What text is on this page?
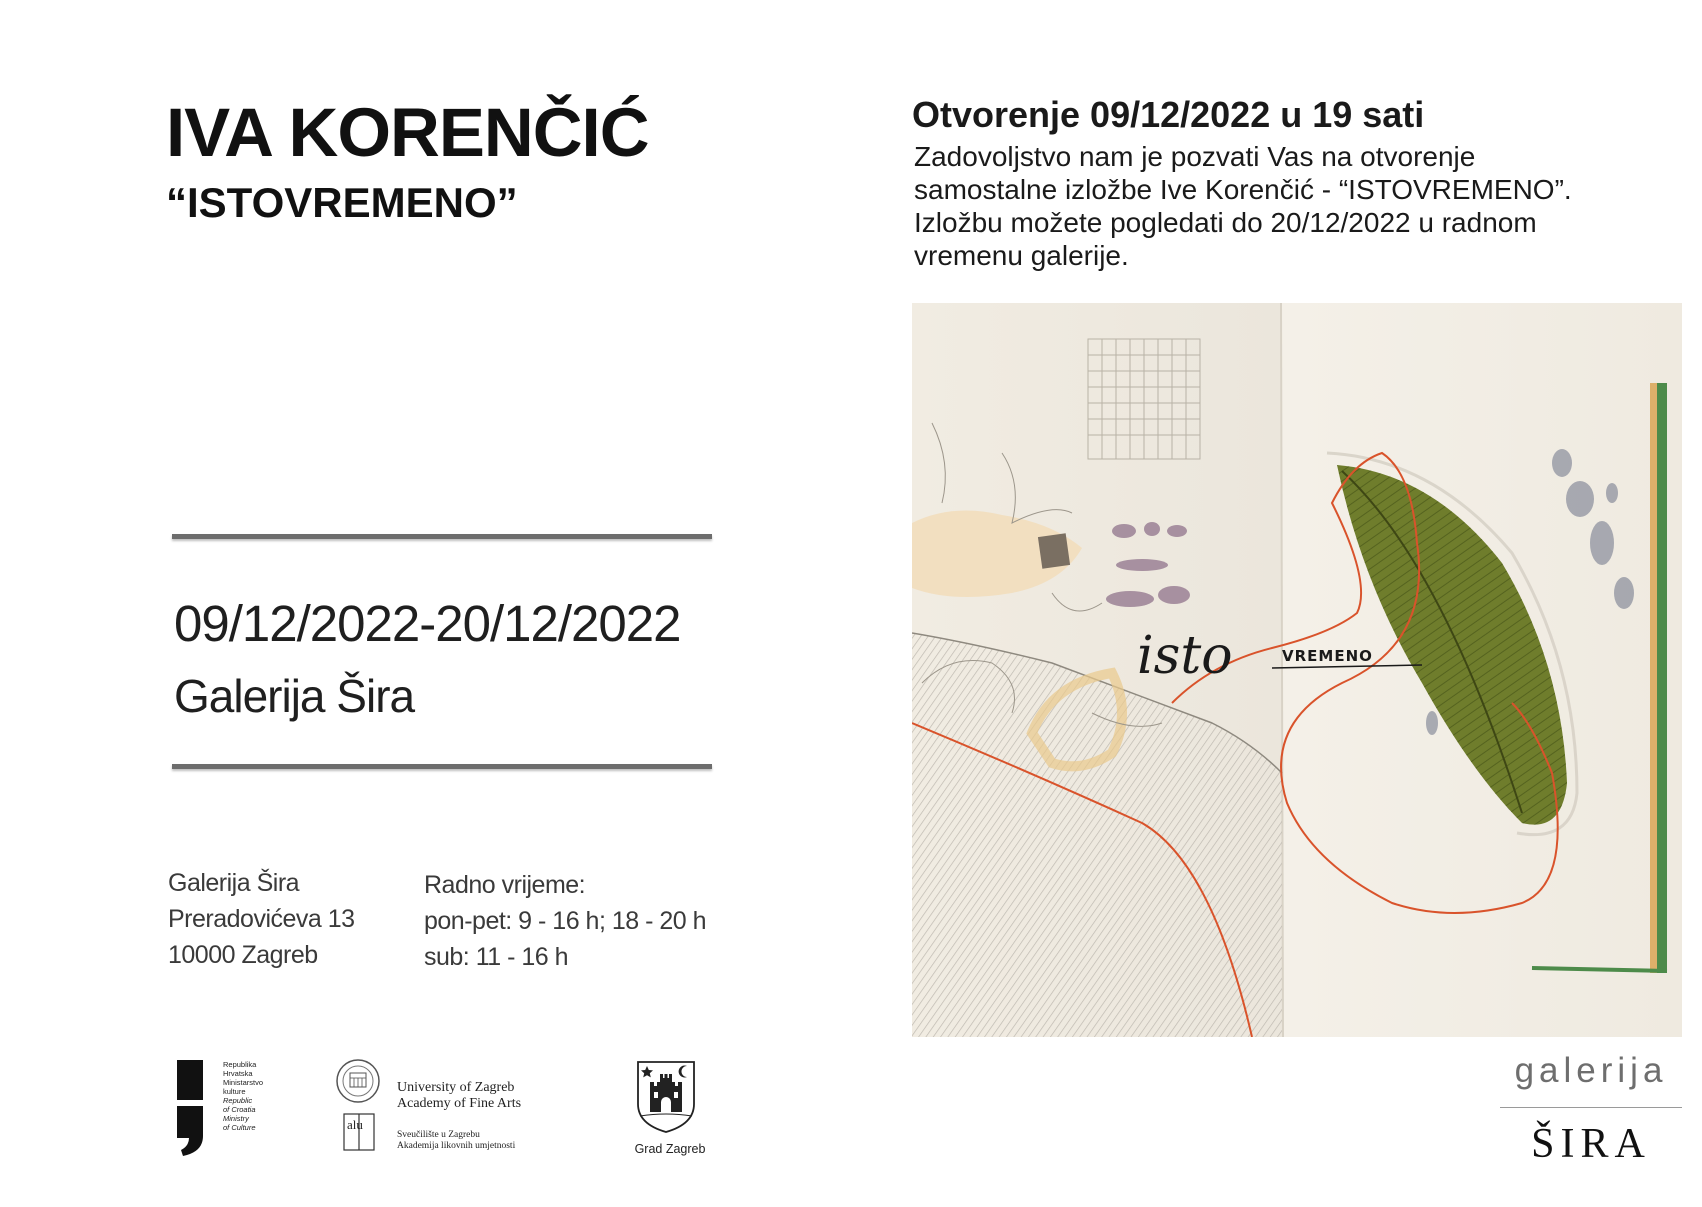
IVA KORENČIĆ
“ISTOVREMENO”
09/12/2022-20/12/2022
Galerija Šira
Galerija Šira
Preradovićeva 13
10000 Zagreb
Radno vrijeme:
pon-pet: 9 - 16 h; 18 - 20 h
sub: 11 - 16 h
Republika
Hrvatska
Ministarstvo
kulture
Republic
of Croatia
Ministry
of Culture	alu
University of Zagreb
Academy of Fine Arts
Sveučilište u Zagrebu
Akademija likovnih umjetnosti	Grad Zagreb
Otvorenje 09/12/2022 u 19 sati
Zadovoljstvo nam je pozvati Vas na otvorenje
samostalne izložbe Ive Korenčić - “ISTOVREMENO”.
Izložbu možete pogledati do 20/12/2022 u radnom
vremenu galerije.
isto	VREMENO
galerija
ŠIRA
